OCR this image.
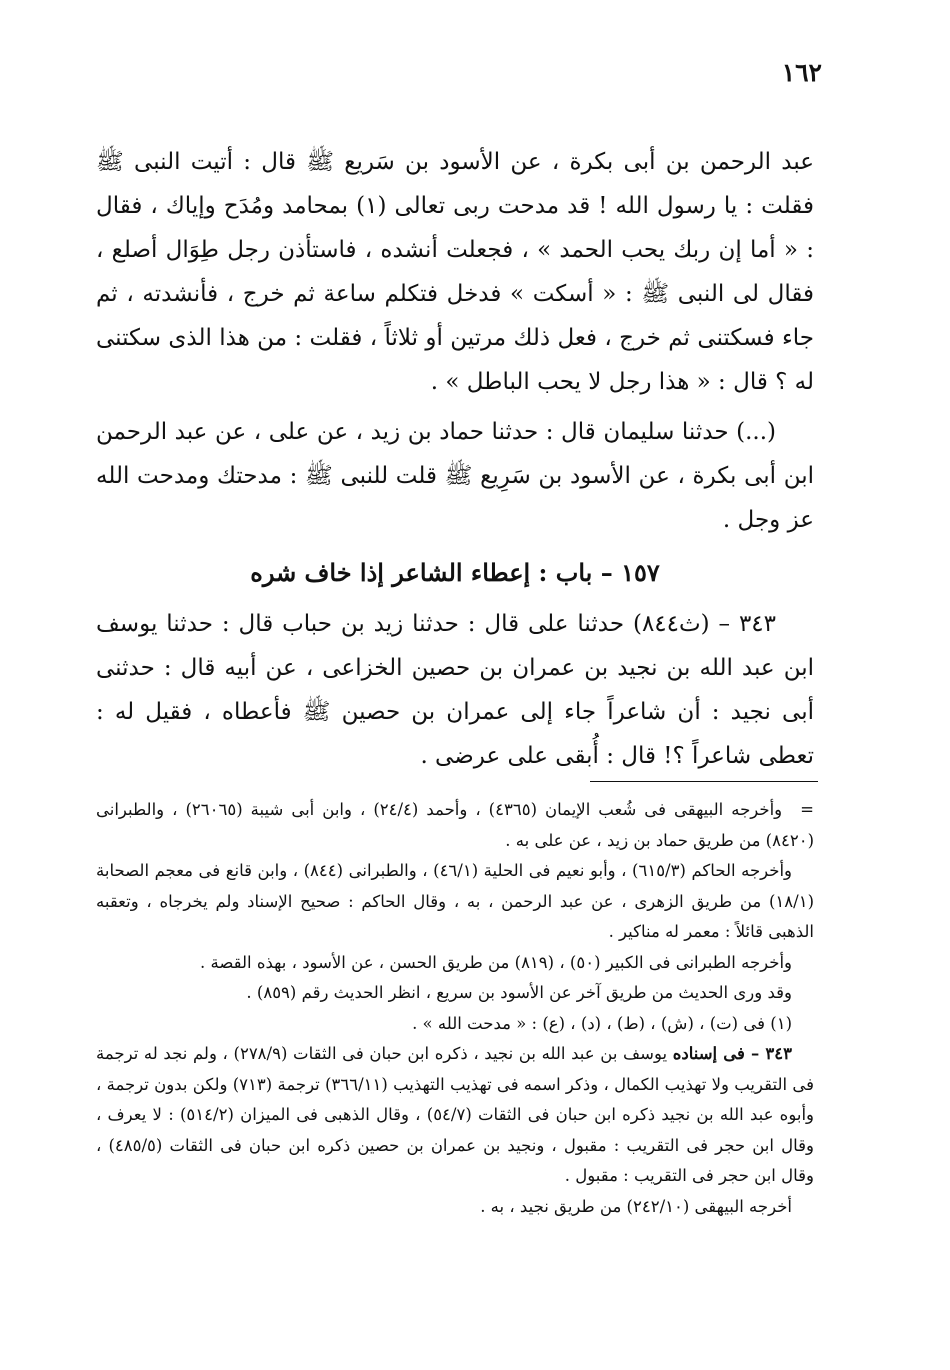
١٦٢

عبد الرحمن بن أبى بكرة ، عن الأسود بن سَريع ﷺ قال : أتيت النبى ﷺ فقلت : يا رسول الله ! قد مدحت ربى تعالى (١) بمحامد ومُدَح وإياك ، فقال : « أما إن ربك يحب الحمد » ، فجعلت أنشده ، فاستأذن رجل طِوَال أصلع ، فقال لى النبى ﷺ : « أسكت » فدخل فتكلم ساعة ثم خرج ، فأنشدته ، ثم جاء فسكتنى ثم خرج ، فعل ذلك مرتين أو ثلاثاً ، فقلت : من هذا الذى سكتنى له ؟ قال : « هذا رجل لا يحب الباطل » .

(...) حدثنا سليمان قال : حدثنا حماد بن زيد ، عن على ، عن عبد الرحمن ابن أبى بكرة ، عن الأسود بن سَرِيع ﷺ قلت للنبى ﷺ : مدحتك ومدحت الله عز وجل .

١٥٧ – باب : إعطاء الشاعر إذا خاف شره

٣٤٣ – (ث٨٤٤) حدثنا على قال : حدثنا زيد بن حباب قال : حدثنا يوسف ابن عبد الله بن نجيد بن عمران بن حصين الخزاعى ، عن أبيه قال : حدثنى أبى نجيد : أن شاعراً جاء إلى عمران بن حصين ﷺ فأعطاه ، فقيل له : تعطى شاعراً ؟! قال : أُبقى على عرضى .

=وأخرجه البيهقى فى شُعب الإيمان (٤٣٦٥) ، وأحمد (٢٤/٤) ، وابن أبى شيبة (٢٦٠٦٥) ، والطبرانى (٨٤٢٠) من طريق حماد بن زيد ، عن على به .

وأخرجه الحاكم (٦١٥/٣) ، وأبو نعيم فى الحلية (٤٦/١) ، والطبرانى (٨٤٤) ، وابن قانع فى معجم الصحابة (١٨/١) من طريق الزهرى ، عن عبد الرحمن ، به ، وقال الحاكم : صحيح الإسناد ولم يخرجاه ، وتعقبه الذهبى قائلاً : معمر له مناكير .

وأخرجه الطبرانى فى الكبير (٥٠) ، (٨١٩) من طريق الحسن ، عن الأسود ، بهذه القصة .

وقد ورى الحديث من طريق آخر عن الأسود بن سريع ، انظر الحديث رقم (٨٥٩) .

(١) فى (ت) ، (ش) ، (ط) ، (د) ، (ع) : « مدحت الله » .

٣٤٣ – فى إسناده يوسف بن عبد الله بن نجيد ، ذكره ابن حبان فى الثقات (٢٧٨/٩) ، ولم نجد له ترجمة فى التقريب ولا تهذيب الكمال ، وذكر اسمه فى تهذيب التهذيب (٣٦٦/١١) ترجمة (٧١٣) ولكن بدون ترجمة ، وأبوه عبد الله بن نجيد ذكره ابن حبان فى الثقات (٥٤/٧) ، وقال الذهبى فى الميزان (٥١٤/٢) : لا يعرف ، وقال ابن حجر فى التقريب : مقبول ، ونجيد بن عمران بن حصين ذكره ابن حبان فى الثقات (٤٨٥/٥) ، وقال ابن حجر فى التقريب : مقبول .

أخرجه البيهقى (٢٤٢/١٠) من طريق نجيد ، به .
